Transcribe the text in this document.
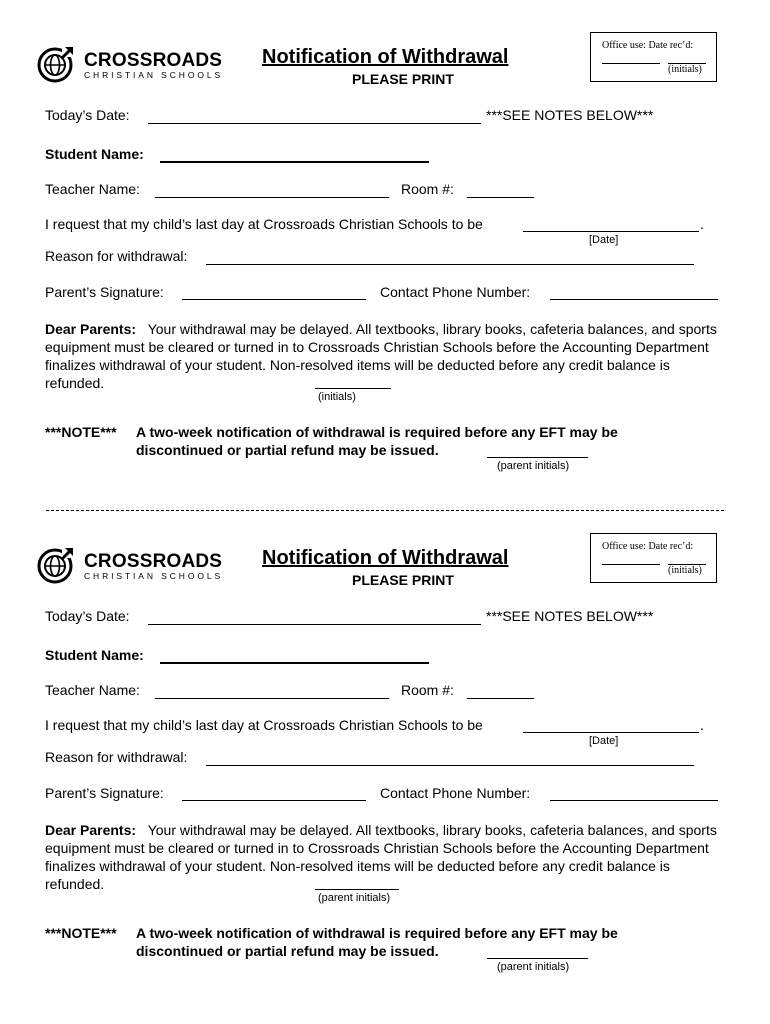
CROSSROADS
CHRISTIAN SCHOOLS
Notification of Withdrawal
PLEASE PRINT
Office use: Date rec’d:
(initials)
Today’s Date:	***SEE NOTES BELOW***
Student Name:
Teacher Name:	Room #:
I request that my child’s last day at Crossroads Christian Schools to be	.
[Date]
Reason for withdrawal:
Parent’s Signature:	Contact Phone Number:
Dear Parents: Your withdrawal may be delayed. All textbooks, library books, cafeteria balances, and sports equipment must be cleared or turned in to Crossroads Christian Schools before the Accounting Department finalizes withdrawal of your student. Non-resolved items will be deducted before any credit balance is refunded.
(initials)
***NOTE*** A two-week notification of withdrawal is required before any EFT may be
discontinued or partial refund may be issued.
(parent initials)
CROSSROADS
CHRISTIAN SCHOOLS
Notification of Withdrawal
PLEASE PRINT
Office use: Date rec’d:
(initials)
Today’s Date:	***SEE NOTES BELOW***
Student Name:
Teacher Name:	Room #:
I request that my child’s last day at Crossroads Christian Schools to be	.
[Date]
Reason for withdrawal:
Parent’s Signature:	Contact Phone Number:
Dear Parents: Your withdrawal may be delayed. All textbooks, library books, cafeteria balances, and sports equipment must be cleared or turned in to Crossroads Christian Schools before the Accounting Department finalizes withdrawal of your student. Non-resolved items will be deducted before any credit balance is refunded.
(parent initials)
***NOTE*** A two-week notification of withdrawal is required before any EFT may be
discontinued or partial refund may be issued.
(parent initials)
